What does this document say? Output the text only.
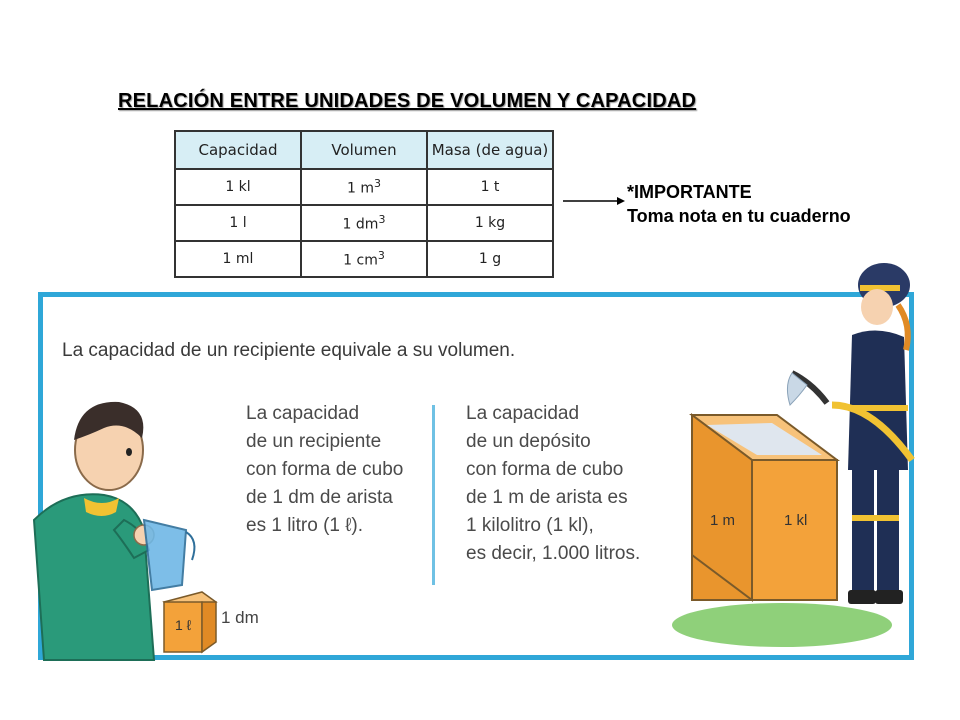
RELACIÓN ENTRE UNIDADES DE VOLUMEN Y CAPACIDAD
Capacidad	Volumen	Masa (de agua)
1 kl	1 $m^3$	1 t
1 l	1 $dm^3$	1 kg
1 ml	1 $cm^3$	1 g
*IMPORTANTE
Toma nota en tu cuaderno
La capacidad de un recipiente equivale a su volumen.
La capacidad
de un recipiente
con forma de cubo
de 1 dm de arista
es 1 litro (1 ℓ).
La capacidad
de un depósito
con forma de cubo
de 1 m de arista es
1 kilolitro (1 kl),
es decir, 1.000 litros.
1 ℓ 1 dm
1 m	1 kl
